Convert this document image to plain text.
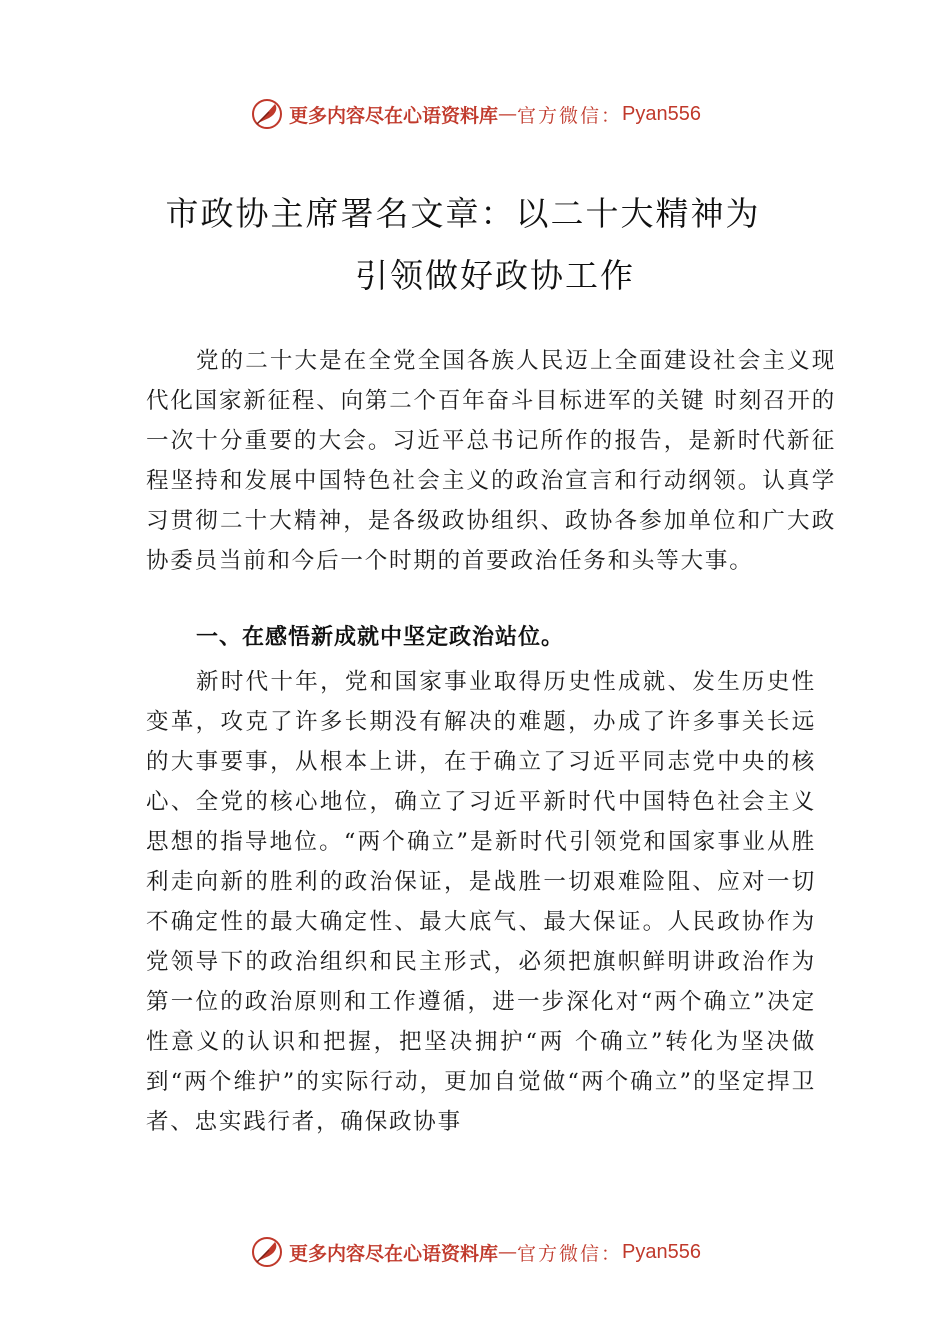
更多内容尽在心语资料库 — 官方微信： Pyan556
市政协主席署名文章：以二十大精神为
引领做好政协工作

党的二十大是在全党全国各族人民迈上全面建设社会主义现代化国家新征程、向第二个百年奋斗目标进军的关键 时刻召开的一次十分重要的大会。习近平总书记所作的报告，是新时代新征程坚持和发展中国特色社会主义的政治宣言和行动纲领。认真学习贯彻二十大精神，是各级政协组织、政协各参加单位和广大政协委员当前和今后一个时期的首要政治任务和头等大事。

一、在感悟新成就中坚定政治站位。

新时代十年，党和国家事业取得历史性成就、发生历史性变革，攻克了许多长期没有解决的难题，办成了许多事关长远的大事要事，从根本上讲，在于确立了习近平同志党中央的核心、全党的核心地位，确立了习近平新时代中国特色社会主义思想的指导地位。“两个确立”是新时代引领党和国家事业从胜利走向新的胜利的政治保证，是战胜一切艰难险阻、应对一切不确定性的最大确定性、最大底气、最大保证。人民政协作为党领导下的政治组织和民主形式，必须把旗帜鲜明讲政治作为第一位的政治原则和工作遵循，进一步深化对“两个确立”决定性意义的认识和把握，把坚决拥护“两 个确立”转化为坚决做到“两个维护”的实际行动，更加自觉做“两个确立”的坚定捍卫者、忠实践行者，确保政协事

更多内容尽在心语资料库 — 官方微信： Pyan556
